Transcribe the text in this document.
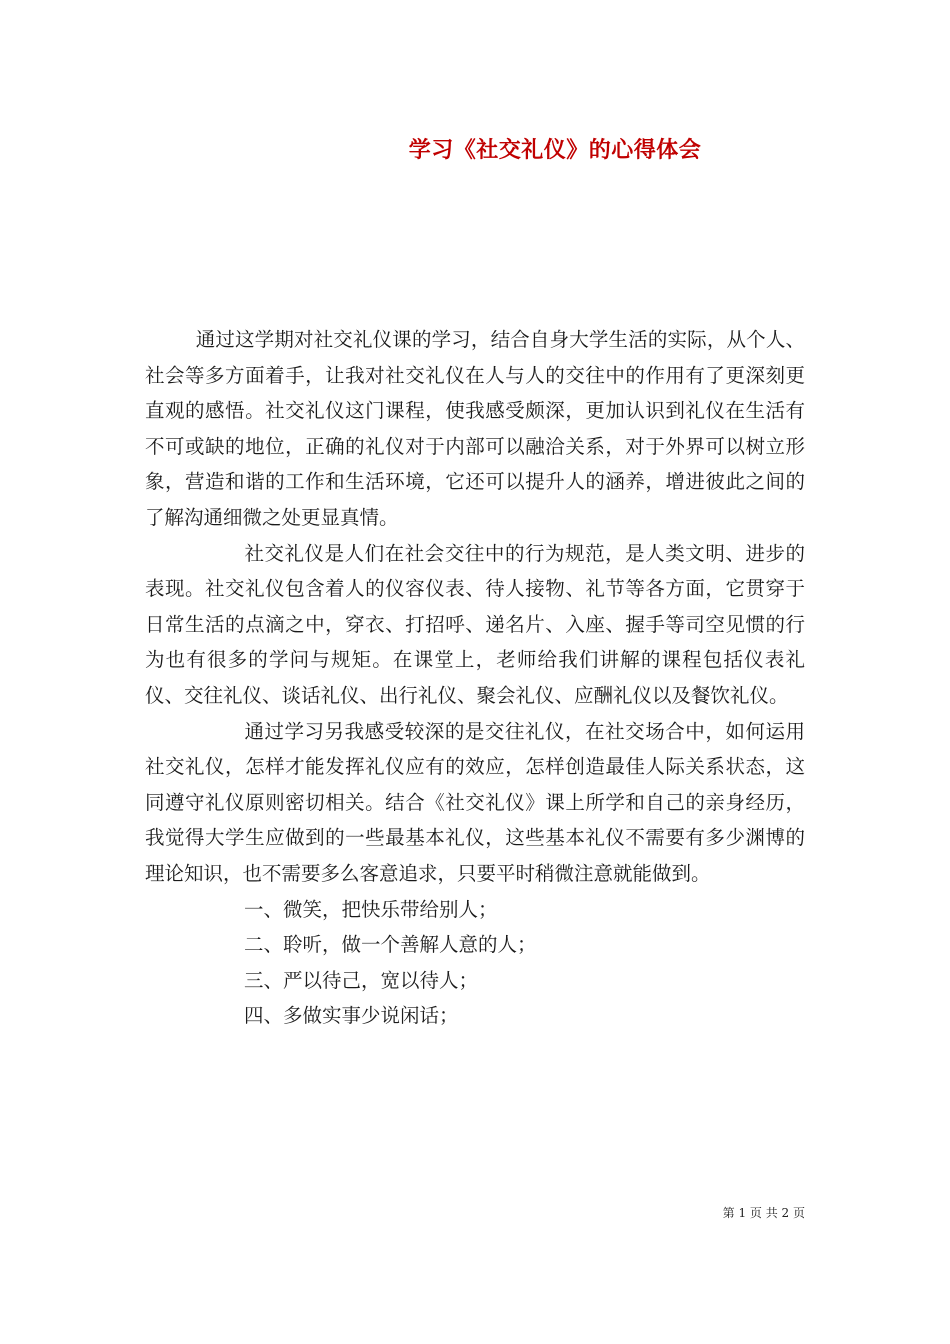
学习《社交礼仪》的心得体会

通过这学期对社交礼仪课的学习，结合自身大学生活的实际，从个人、社会等多方面着手，让我对社交礼仪在人与人的交往中的作用有了更深刻更直观的感悟。社交礼仪这门课程，使我感受颇深，更加认识到礼仪在生活有不可或缺的地位，正确的礼仪对于内部可以融洽关系，对于外界可以树立形象，营造和谐的工作和生活环境，它还可以提升人的涵养，增进彼此之间的了解沟通细微之处更显真情。

社交礼仪是人们在社会交往中的行为规范，是人类文明、进步的表现。社交礼仪包含着人的仪容仪表、待人接物、礼节等各方面，它贯穿于日常生活的点滴之中，穿衣、打招呼、递名片、入座、握手等司空见惯的行为也有很多的学问与规矩。在课堂上，老师给我们讲解的课程包括仪表礼仪、交往礼仪、谈话礼仪、出行礼仪、聚会礼仪、应酬礼仪以及餐饮礼仪。

通过学习另我感受较深的是交往礼仪，在社交场合中，如何运用社交礼仪，怎样才能发挥礼仪应有的效应，怎样创造最佳人际关系状态，这同遵守礼仪原则密切相关。结合《社交礼仪》课上所学和自己的亲身经历，我觉得大学生应做到的一些最基本礼仪，这些基本礼仪不需要有多少渊博的理论知识，也不需要多么客意追求，只要平时稍微注意就能做到。

一、微笑，把快乐带给别人；

二、聆听，做一个善解人意的人；

三、严以待己，宽以待人；

四、多做实事少说闲话；

第 1 页 共 2 页
